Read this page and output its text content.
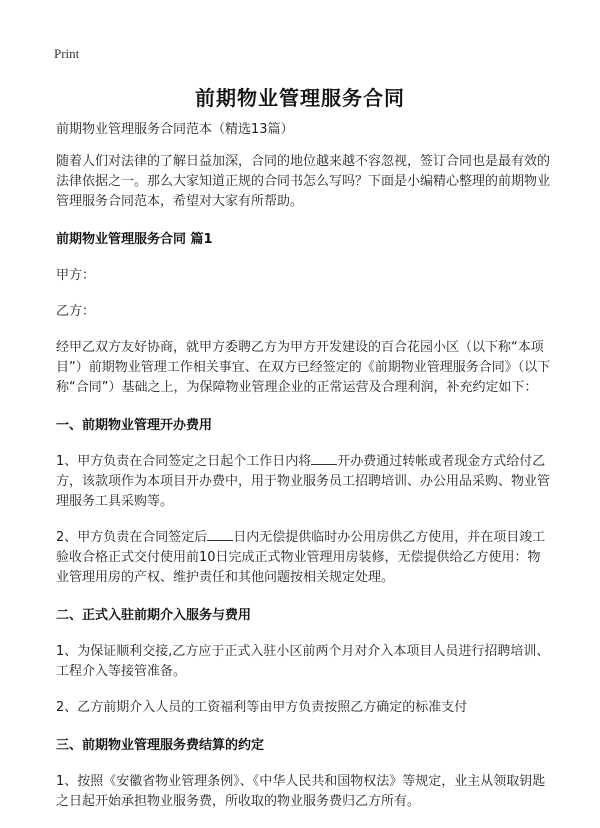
Print
前期物业管理服务合同

前期物业管理服务合同范本（精选13篇）

随着人们对法律的了解日益加深，合同的地位越来越不容忽视，签订合同也是最有效的法律依据之一。那么大家知道正规的合同书怎么写吗？下面是小编精心整理的前期物业管理服务合同范本，希望对大家有所帮助。

前期物业管理服务合同 篇1

甲方：

乙方：

经甲乙双方友好协商，就甲方委聘乙方为甲方开发建设的百合花园小区（以下称“本项目”）前期物业管理工作相关事宜、在双方已经签定的《前期物业管理服务合同》（以下称“合同”）基础之上，为保障物业管理企业的正常运营及合理利润，补充约定如下：

一、前期物业管理开办费用

1、甲方负责在合同签定之日起个工作日内将 开办费通过转帐或者现金方式给付乙方，该款项作为本项目开办费中，用于物业服务员工招聘培训、办公用品采购、物业管理服务工具采购等。

2、甲方负责在合同签定后 日内无偿提供临时办公用房供乙方使用，并在项目竣工验收合格正式交付使用前10日完成正式物业管理用房装修，无偿提供给乙方使用：物业管理用房的产权、维护责任和其他问题按相关规定处理。

二、正式入驻前期介入服务与费用

1、为保证顺利交接,乙方应于正式入驻小区前两个月对介入本项目人员进行招聘培训、工程介入等接管准备。

2、乙方前期介入人员的工资福利等由甲方负责按照乙方确定的标准支付

三、前期物业管理服务费结算的约定

1、按照《安徽省物业管理条例》、《中华人民共和国物权法》等规定，业主从领取钥匙之日起开始承担物业服务费，所收取的物业服务费归乙方所有。
